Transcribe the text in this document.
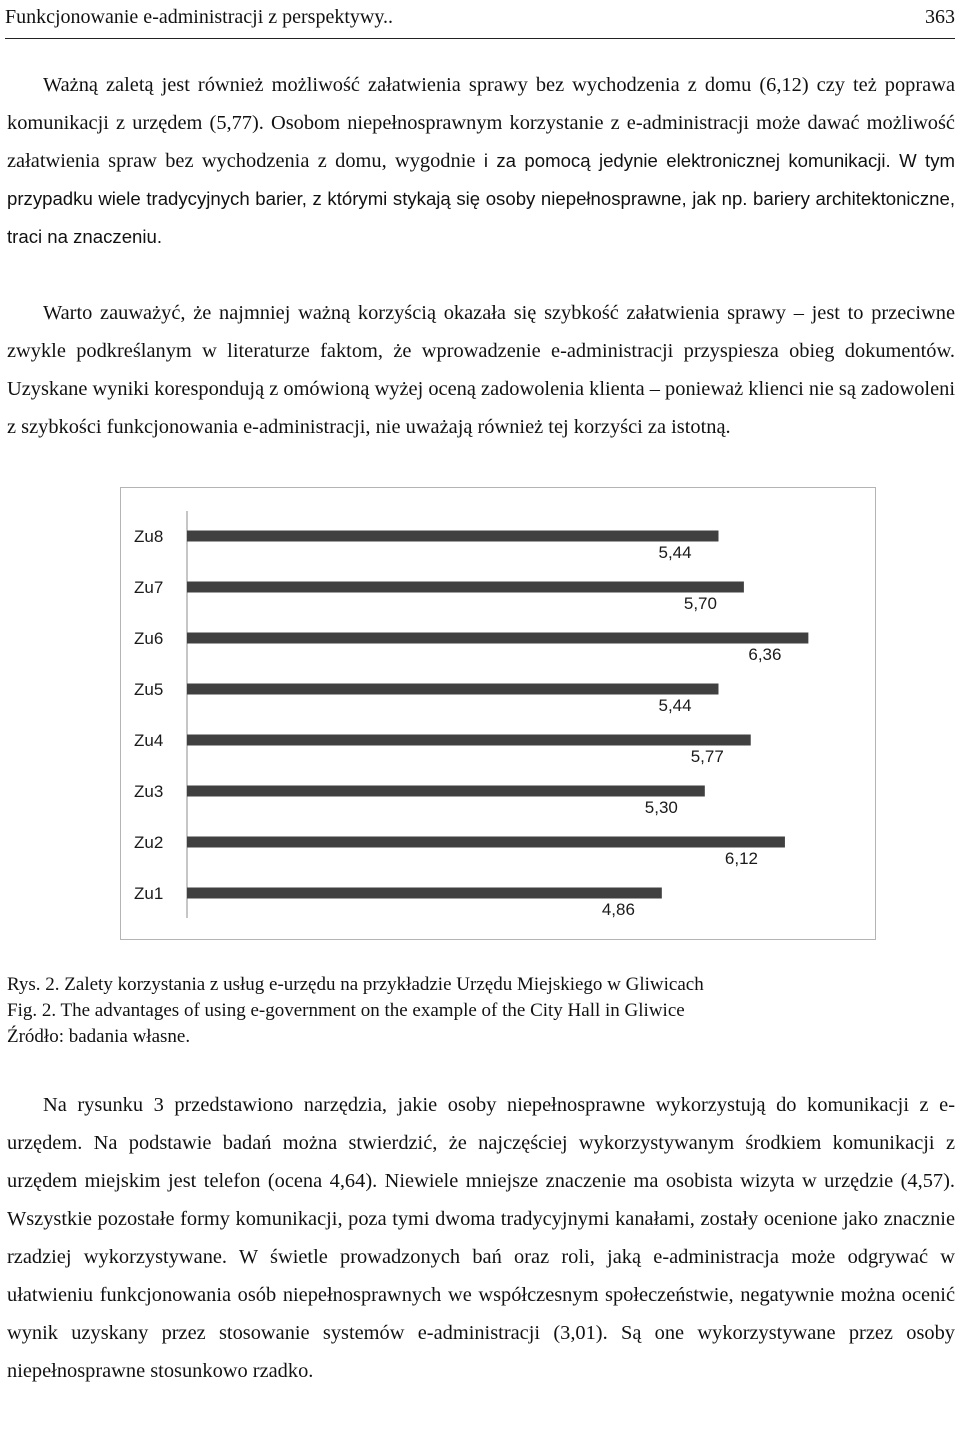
Funkcjonowanie e-administracji z perspektywy..	363

Ważną zaletą jest również możliwość załatwienia sprawy bez wychodzenia z domu (6,12) czy też poprawa komunikacji z urzędem (5,77). Osobom niepełnosprawnym korzystanie z e-administracji może dawać możliwość załatwienia spraw bez wychodzenia z domu, wygodnie i za pomocą jedynie elektronicznej komunikacji. W tym przypadku wiele tradycyjnych barier, z którymi stykają się osoby niepełnosprawne, jak np. bariery architektoniczne, traci na znaczeniu.

Warto zauważyć, że najmniej ważną korzyścią okazała się szybkość załatwienia sprawy – jest to przeciwne zwykle podkreślanym w literaturze faktom, że wprowadzenie e-administracji przyspiesza obieg dokumentów. Uzyskane wyniki korespondują z omówioną wyżej oceną zadowolenia klienta – ponieważ klienci nie są zadowoleni z szybkości funkcjonowania e-administracji, nie uważają również tej korzyści za istotną.

Zu8
5,44
Zu7
5,70
Zu6
6,36
Zu5
5,44
Zu4
5,77
Zu3
5,30
Zu2
6,12
Zu1
4,86
Rys. 2. Zalety korzystania z usług e-urzędu na przykładzie Urzędu Miejskiego w Gliwicach
Fig. 2. The advantages of using e-government on the example of the City Hall in Gliwice
Źródło: badania własne.

Na rysunku 3 przedstawiono narzędzia, jakie osoby niepełnosprawne wykorzystują do komunikacji z e-urzędem. Na podstawie badań można stwierdzić, że najczęściej wykorzystywanym środkiem komunikacji z urzędem miejskim jest telefon (ocena 4,64). Niewiele mniejsze znaczenie ma osobista wizyta w urzędzie (4,57). Wszystkie pozostałe formy komunikacji, poza tymi dwoma tradycyjnymi kanałami, zostały ocenione jako znacznie rzadziej wykorzystywane. W świetle prowadzonych bań oraz roli, jaką e-administracja może odgrywać w ułatwieniu funkcjonowania osób niepełnosprawnych we współczesnym społeczeństwie, negatywnie można ocenić wynik uzyskany przez stosowanie systemów e-administracji (3,01). Są one wykorzystywane przez osoby niepełnosprawne stosunkowo rzadko.
